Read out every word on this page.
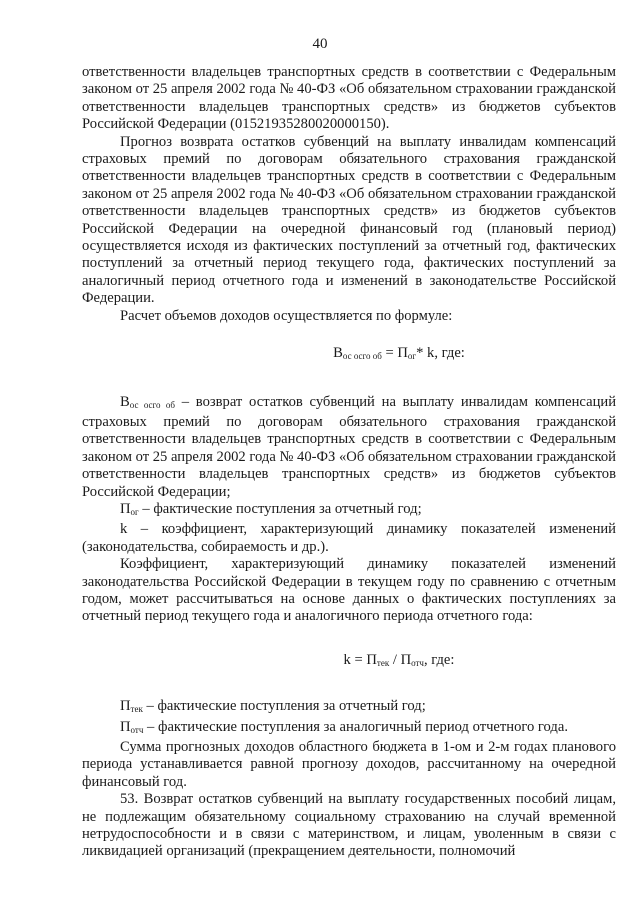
40

ответственности владельцев транспортных средств в соответствии с Федеральным законом от 25 апреля 2002 года № 40-ФЗ «Об обязательном страховании гражданской ответственности владельцев транспортных средств» из бюджетов субъектов Российской Федерации (01521935280020000150).

Прогноз возврата остатков субвенций на выплату инвалидам компенсаций страховых премий по договорам обязательного страхования гражданской ответственности владельцев транспортных средств в соответствии с Федеральным законом от 25 апреля 2002 года № 40-ФЗ «Об обязательном страховании гражданской ответственности владельцев транспортных средств» из бюджетов субъектов Российской Федерации на очередной финансовый год (плановый период) осуществляется исходя из фактических поступлений за отчетный год, фактических поступлений за отчетный период текущего года, фактических поступлений за аналогичный период отчетного года и изменений в законодательстве Российской Федерации.

Расчет объемов доходов осуществляется по формуле:

$В_{ос осго об} = П_{ог}*$ k, где:

$В_{ос осго об}$ – возврат остатков субвенций на выплату инвалидам компенсаций страховых премий по договорам обязательного страхования гражданской ответственности владельцев транспортных средств в соответствии с Федеральным законом от 25 апреля 2002 года № 40-ФЗ «Об обязательном страховании гражданской ответственности владельцев транспортных средств» из бюджетов субъектов Российской Федерации;

$П_{ог}$ – фактические поступления за отчетный год;

k – коэффициент, характеризующий динамику показателей изменений (законодательства, собираемость и др.).

Коэффициент, характеризующий динамику показателей изменений законодательства Российской Федерации в текущем году по сравнению с отчетным годом, может рассчитываться на основе данных о фактических поступлениях за отчетный период текущего года и аналогичного периода отчетного года:

$k = П_{тек} / П_{отч}$, где:

$П_{тек}$ – фактические поступления за отчетный год;

$П_{отч}$ – фактические поступления за аналогичный период отчетного года.

Сумма прогнозных доходов областного бюджета в 1-ом и 2-м годах планового периода устанавливается равной прогнозу доходов, рассчитанному на очередной финансовый год.

53. Возврат остатков субвенций на выплату государственных пособий лицам, не подлежащим обязательному социальному страхованию на случай временной нетрудоспособности и в связи с материнством, и лицам, уволенным в связи с ликвидацией организаций (прекращением деятельности, полномочий
